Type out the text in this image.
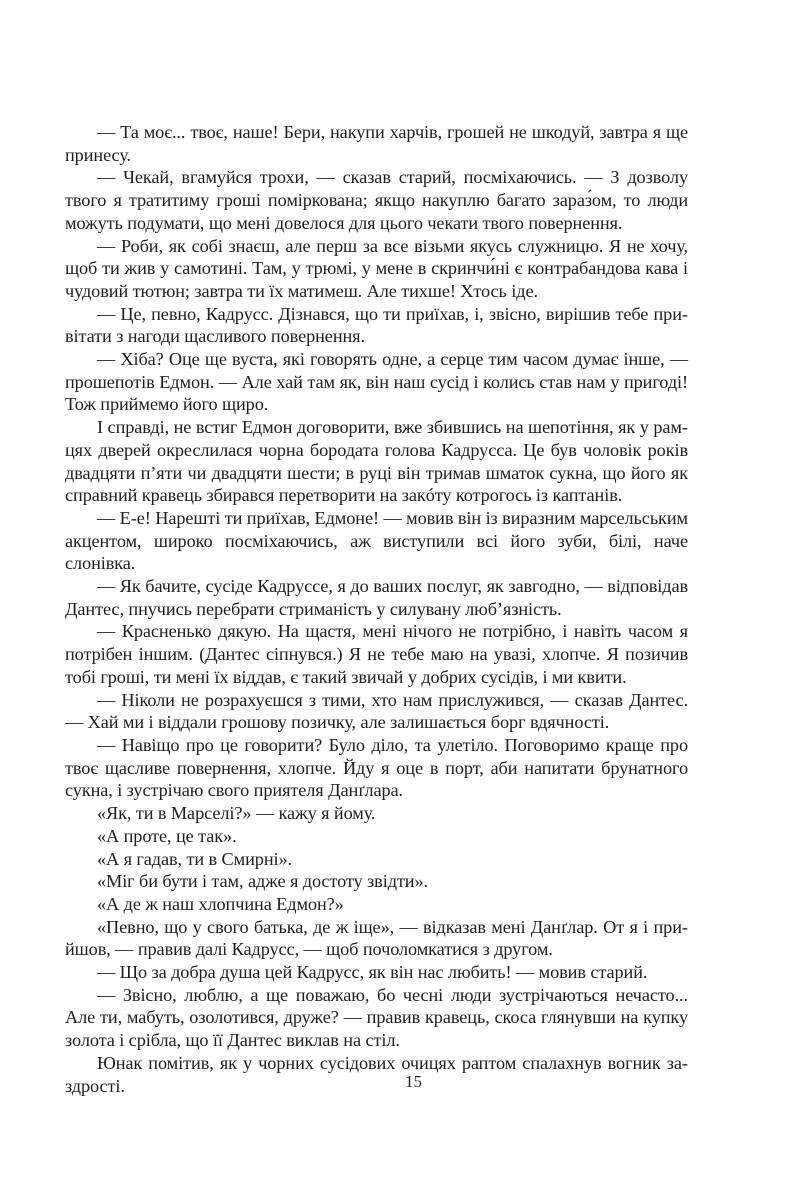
— Та моє... твоє, наше! Бери, накупи харчів, грошей не шкодуй, завтра я ще принесу.

— Чекай, вгамуйся трохи, — сказав старий, посміхаючись. — З дозволу твого я тратитиму гроші поміркована; якщо накуплю багато зараз́ом, то люди можуть подумати, що мені довелося для цього чекати твого повернення.

— Роби, як собі знаєш, але перш за все візьми якусь служницю. Я не хочу, щоб ти жив у самотині. Там, у трюмі, у мене в скринчи́ні є контрабандова кава і чудовий тютюн; завтра ти їх матимеш. Але тихше! Хтось іде.

— Це, певно, Кадрусс. Дізнався, що ти приїхав, і, звісно, вирішив тебе привітати з нагоди щасливого повернення.

— Хіба? Оце ще вуста, які говорять одне, а серце тим часом думає інше, — прошепотів Едмон. — Але хай там як, він наш сусід і колись став нам у пригоді! Тож приймемо його щиро.

І справді, не встиг Едмон договорити, вже збившись на шепотіння, як у рамцях дверей окреслилася чорна бородата голова Кадрусса. Це був чоловік років двадцяти п’яти чи двадцяти шести; в руці він тримав шматок сукна, що його як справний кравець збирався перетворити на закóту котрогось із каптанів.

— Е-е! Нарешті ти приїхав, Едмоне! — мовив він із виразним марсельським акцентом, широко посміхаючись, аж виступили всі його зуби, білі, наче слонівка.

— Як бачите, сусіде Кадруссе, я до ваших послуг, як завгодно, — відповідав Дантес, пнучись перебрати стриманість у силувану люб’язність.

— Красненько дякую. На щастя, мені нічого не потрібно, і навіть часом я потрібен іншим. (Дантес сіпнувся.) Я не тебе маю на увазі, хлопче. Я позичив тобі гроші, ти мені їх віддав, є такий звичай у добрих сусідів, і ми квити.

— Ніколи не розрахуєшся з тими, хто нам прислужився, — сказав Дантес. — Хай ми і віддали грошову позичку, але залишається борг вдячності.

— Навіщо про це говорити? Було діло, та улетіло. Поговоримо краще про твоє щасливе повернення, хлопче. Йду я оце в порт, аби напитати брунатного сукна, і зустрічаю свого приятеля Данґлара.

«Як, ти в Марселі?» — кажу я йому.

«А проте, це так».

«А я гадав, ти в Смирні».

«Міг би бути і там, адже я достоту звідти».

«А де ж наш хлопчина Едмон?»

«Певно, що у свого батька, де ж іще», — відказав мені Данґлар. От я і прийшов, — правив далі Кадрусс, — щоб почоломкатися з другом.

— Що за добра душа цей Кадрусс, як він нас любить! — мовив старий.

— Звісно, люблю, а ще поважаю, бо чесні люди зустрічаються нечасто... Але ти, мабуть, озолотився, друже? — правив кравець, скоса глянувши на купку золота і срібла, що її Дантес виклав на стіл.

Юнак помітив, як у чорних сусідових очицях раптом спалахнув вогник заздрості.	15
